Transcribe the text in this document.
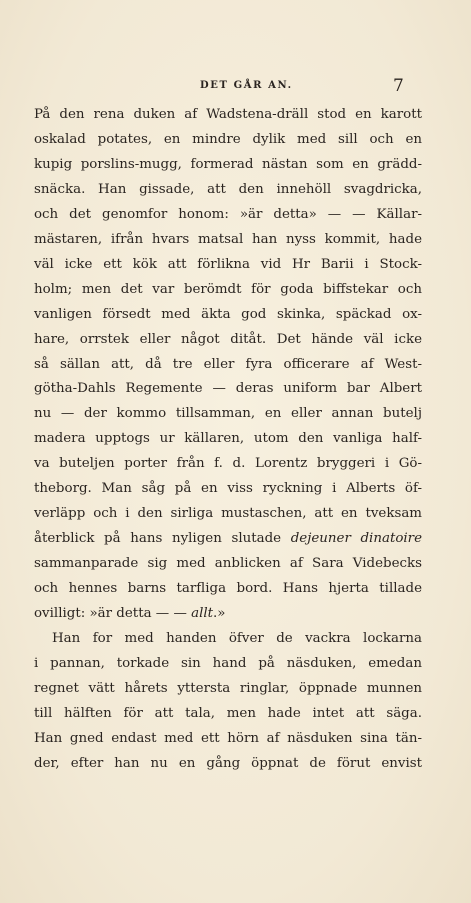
DET GÅR AN.	7
På den rena duken af Wadstena-dräll stod en karott
oskalad potates, en mindre dylik med sill och en
kupig porslins-mugg, formerad nästan som en grädd-
snäcka. Han gissade, att den innehöll svagdricka,
och det genomfor honom: »är detta» — — Källar-
mästaren, ifrån hvars matsal han nyss kommit, hade
väl icke ett kök att förlikna vid Hr Barii i Stock-
holm; men det var berömdt för goda biffstekar och
vanligen försedt med äkta god skinka, späckad ox-
hare, orrstek eller något ditåt. Det hände väl icke
så sällan att, då tre eller fyra officerare af West-
götha-Dahls Regemente — deras uniform bar Albert
nu — der kommo tillsamman, en eller annan butelj
madera upptogs ur källaren, utom den vanliga half-
va buteljen porter från f. d. Lorentz bryggeri i Gö-
theborg. Man såg på en viss ryckning i Alberts öf-
verläpp och i den sirliga mustaschen, att en tveksam
återblick på hans nyligen slutade dejeuner dinatoire
sammanparade sig med anblicken af Sara Videbecks
och hennes barns tarfliga bord. Hans hjerta tillade
ovilligt: »är detta — — allt.»
Han for med handen öfver de vackra lockarna
i pannan, torkade sin hand på näsduken, emedan
regnet vätt hårets yttersta ringlar, öppnade munnen
till hälften för att tala, men hade intet att säga.
Han gned endast med ett hörn af näsduken sina tän-
der, efter han nu en gång öppnat de förut envist
